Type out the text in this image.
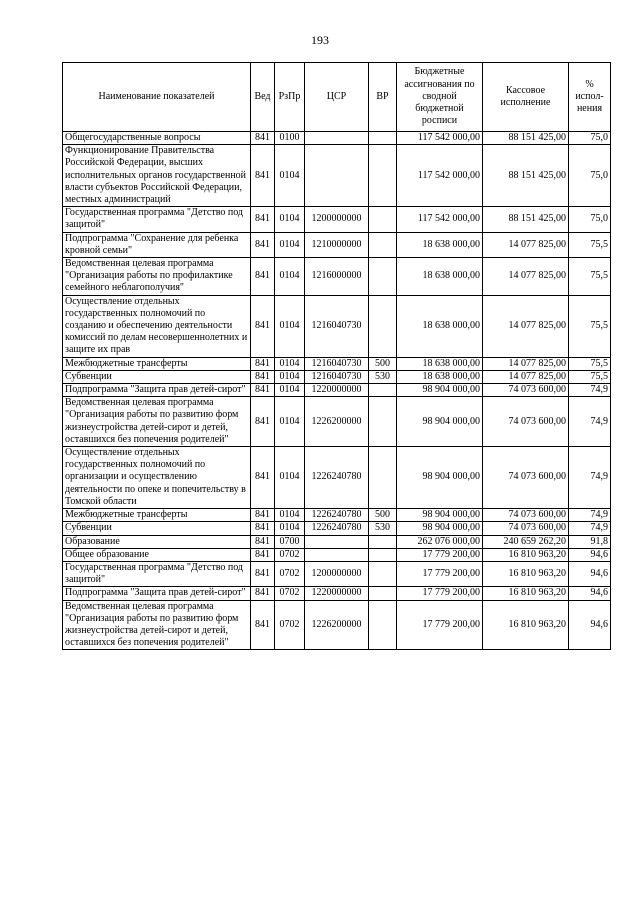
193
Наименование показателей	Вед	РзПр	ЦСР	ВР	Бюджетные ассигнования по сводной бюджетной росписи	Кассовое исполнение	% испол-нения
Общегосударственные вопросы	841	0100			117 542 000,00	88 151 425,00	75,0
Функционирование Правительства Российской Федерации, высших исполнительных органов государственной власти субъектов Российской Федерации, местных администраций	841	0104			117 542 000,00	88 151 425,00	75,0
Государственная программа "Детство под защитой"	841	0104	1200000000		117 542 000,00	88 151 425,00	75,0
Подпрограмма "Сохранение для ребенка кровной семьи"	841	0104	1210000000		18 638 000,00	14 077 825,00	75,5
Ведомственная целевая программа "Организация работы по профилактике семейного неблагополучия"	841	0104	1216000000		18 638 000,00	14 077 825,00	75,5
Осуществление отдельных государственных полномочий по созданию и обеспечению деятельности комиссий по делам несовершеннолетних и защите их прав	841	0104	1216040730		18 638 000,00	14 077 825,00	75,5
Межбюджетные трансферты	841	0104	1216040730	500	18 638 000,00	14 077 825,00	75,5
Субвенции	841	0104	1216040730	530	18 638 000,00	14 077 825,00	75,5
Подпрограмма "Защита прав детей-сирот"	841	0104	1220000000		98 904 000,00	74 073 600,00	74,9
Ведомственная целевая программа "Организация работы по развитию форм жизнеустройства детей-сирот и детей, оставшихся без попечения родителей"	841	0104	1226200000		98 904 000,00	74 073 600,00	74,9
Осуществление отдельных государственных полномочий по организации и осуществлению деятельности по опеке и попечительству в Томской области	841	0104	1226240780		98 904 000,00	74 073 600,00	74,9
Межбюджетные трансферты	841	0104	1226240780	500	98 904 000,00	74 073 600,00	74,9
Субвенции	841	0104	1226240780	530	98 904 000,00	74 073 600,00	74,9
Образование	841	0700			262 076 000,00	240 659 262,20	91,8
Общее образование	841	0702			17 779 200,00	16 810 963,20	94,6
Государственная программа "Детство под защитой"	841	0702	1200000000		17 779 200,00	16 810 963,20	94,6
Подпрограмма "Защита прав детей-сирот"	841	0702	1220000000		17 779 200,00	16 810 963,20	94,6
Ведомственная целевая программа "Организация работы по развитию форм жизнеустройства детей-сирот и детей, оставшихся без попечения родителей"	841	0702	1226200000		17 779 200,00	16 810 963,20	94,6
